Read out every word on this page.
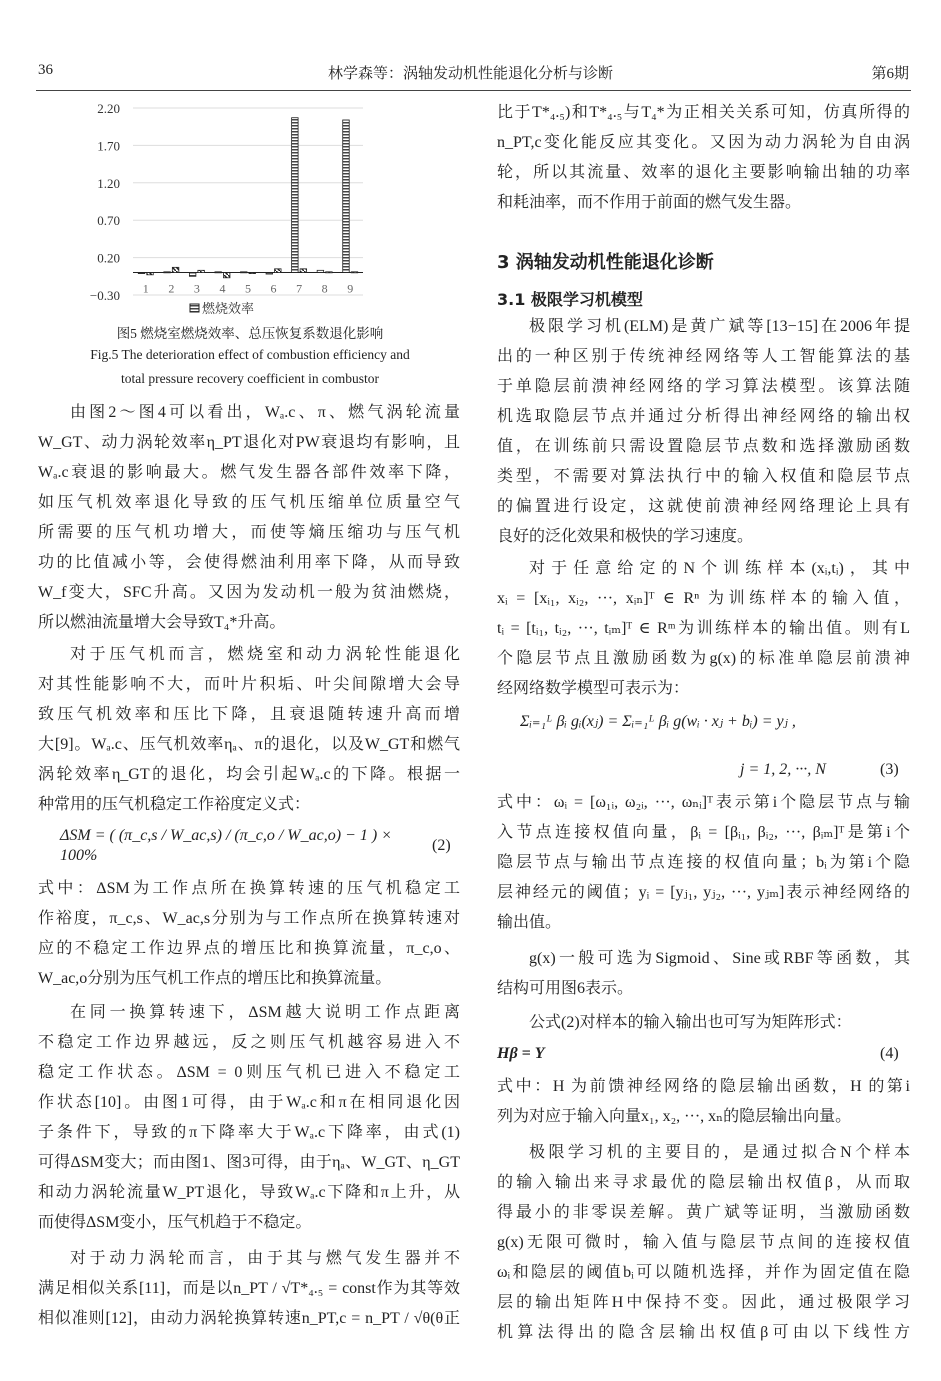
36	林学森等：涡轴发动机性能退化分析与诊断	第6期
2.20
1.70
1.20
0.70
0.20
−0.30 1 2 3 4 5 6 7 8 9
燃烧效率
图5 燃烧室燃烧效率、总压恢复系数退化影响
Fig.5 The deterioration effect of combustion efficiency and
total pressure recovery coefficient in combustor
由图2～图4可以看出，Wₐ.c、π、燃气涡轮流量
W_GT、动力涡轮效率η_PT退化对PW衰退均有影响，且
Wₐ.c衰退的影响最大。燃气发生器各部件效率下降，
如压气机效率退化导致的压气机压缩单位质量空气
所需要的压气机功增大，而使等熵压缩功与压气机
功的比值减小等，会使得燃油利用率下降，从而导致
W_f变大，SFC升高。又因为发动机一般为贫油燃烧，
所以燃油流量增大会导致T₄*升高。
对于压气机而言，燃烧室和动力涡轮性能退化
对其性能影响不大，而叶片积垢、叶尖间隙增大会导
致压气机效率和压比下降，且衰退随转速升高而增
大[9]。Wₐ.c、压气机效率ηₐ、π的退化，以及W_GT和燃气
涡轮效率η_GT的退化，均会引起Wₐ.c的下降。根据一
种常用的压气机稳定工作裕度定义式：
ΔSM = ( (π_c,s / W_ac,s) / (π_c,o / W_ac,o) − 1 ) × 100%
(2)
式中：ΔSM为工作点所在换算转速的压气机稳定工
作裕度，π_c,s、W_ac,s分别为与工作点所在换算转速对
应的不稳定工作边界点的增压比和换算流量，π_c,o、
W_ac,o分别为压气机工作点的增压比和换算流量。
在同一换算转速下，ΔSM越大说明工作点距离
不稳定工作边界越远，反之则压气机越容易进入不
稳定工作状态。ΔSM = 0则压气机已进入不稳定工
作状态[10]。由图1可得，由于Wₐ.c和π在相同退化因
子条件下，导致的π下降率大于Wₐ.c下降率，由式(1)
可得ΔSM变大；而由图1、图3可得，由于ηₐ、W_GT、η_GT
和动力涡轮流量W_PT退化，导致Wₐ.c下降和π上升，从
而使得ΔSM变小，压气机趋于不稳定。
对于动力涡轮而言，由于其与燃气发生器并不
满足相似关系[11]，而是以n_PT / √T*₄.₅ = const作为其等效
相似准则[12]，由动力涡轮换算转速n_PT,c = n_PT / √θ(θ正
比于T*₄.₅)和T*₄.₅与T₄*为正相关关系可知，仿真所得的
n_PT,c变化能反应其变化。又因为动力涡轮为自由涡
轮，所以其流量、效率的退化主要影响输出轴的功率
和耗油率，而不作用于前面的燃气发生器。
3 涡轴发动机性能退化诊断
3.1 极限学习机模型
极限学习机(ELM)是黄广斌等[13−15]在2006年提
出的一种区别于传统神经网络等人工智能算法的基
于单隐层前溃神经网络的学习算法模型。该算法随
机选取隐层节点并通过分析得出神经网络的输出权
值，在训练前只需设置隐层节点数和选择激励函数
类型，不需要对算法执行中的输入权值和隐层节点
的偏置进行设定，这就使前溃神经网络理论上具有
良好的泛化效果和极快的学习速度。
对于任意给定的N个训练样本(xᵢ,tᵢ)，其中
xᵢ = [xᵢ₁, xᵢ₂, ···, xᵢₙ]ᵀ ∈ Rⁿ 为训练样本的输入值，
tᵢ = [tᵢ₁, tᵢ₂, ···, tᵢₘ]ᵀ ∈ Rᵐ为训练样本的输出值。则有L
个隐层节点且激励函数为g(x)的标准单隐层前溃神
经网络数学模型可表示为：
Σᵢ₌₁ᴸ βᵢ gᵢ(xⱼ) = Σᵢ₌₁ᴸ βᵢ g(wᵢ · xⱼ + bᵢ) = yⱼ ,
j = 1, 2, ···, N	(3)
式中：ωᵢ = [ω₁ᵢ, ω₂ᵢ, ···, ωₙᵢ]ᵀ表示第i个隐层节点与输
入节点连接权值向量，βᵢ = [βᵢ₁, βᵢ₂, ···, βᵢₘ]ᵀ是第i个
隐层节点与输出节点连接的权值向量；bᵢ为第i个隐
层神经元的阈值；yᵢ = [yⱼ₁, yⱼ₂, ···, yⱼₘ]表示神经网络的
输出值。
g(x)一般可选为Sigmoid、Sine或RBF等函数，其
结构可用图6表示。
公式(2)对样本的输入输出也可写为矩阵形式：
Hβ = Y	(4)
式中：H 为前馈神经网络的隐层输出函数，H 的第i
列为对应于输入向量x₁, x₂, ···, xₙ的隐层输出向量。
极限学习机的主要目的，是通过拟合N个样本
的输入输出来寻求最优的隐层输出权值β，从而取
得最小的非零误差解。黄广斌等证明，当激励函数
g(x)无限可微时，输入值与隐层节点间的连接权值
ωᵢ和隐层的阈值bᵢ可以随机选择，并作为固定值在隐
层的输出矩阵H中保持不变。因此，通过极限学习
机算法得出的隐含层输出权值β可由以下线性方
